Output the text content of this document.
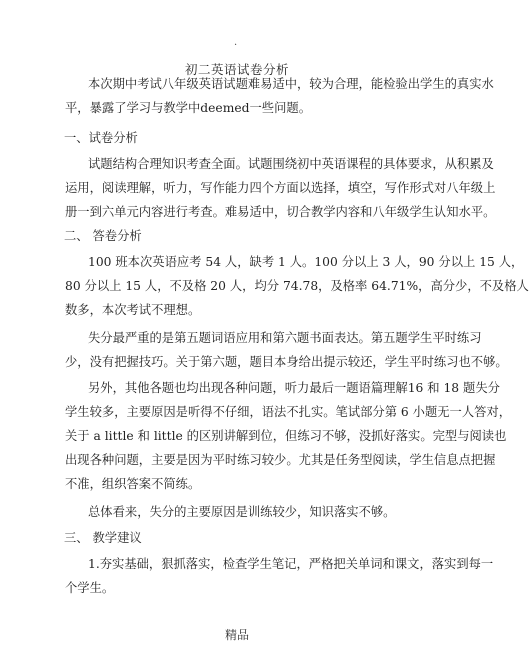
·
初二英语试卷分析
本次期中考试八年级英语试题难易适中，较为合理，能检验出学生的真实水
平，暴露了学习与教学中deemed一些问题。
一、试卷分析
试题结构合理知识考查全面。试题围绕初中英语课程的具体要求，从积累及
运用，阅读理解，听力，写作能力四个方面以选择，填空，写作形式对八年级上
册一到六单元内容进行考查。难易适中，切合教学内容和八年级学生认知水平。
二、 答卷分析
100 班本次英语应考 54 人，缺考 1 人。100 分以上 3 人，90 分以上 15 人，
80 分以上 15 人，不及格 20 人，均分 74.78，及格率 64.71%，高分少，不及格人
数多，本次考试不理想。
失分最严重的是第五题词语应用和第六题书面表达。第五题学生平时练习
少，没有把握技巧。关于第六题，题目本身给出提示较还，学生平时练习也不够。
另外，其他各题也均出现各种问题，听力最后一题语篇理解16 和 18 题失分
学生较多，主要原因是听得不仔细，语法不扎实。笔试部分第 6 小题无一人答对，
关于 a little 和 little 的区别讲解到位，但练习不够，没抓好落实。完型与阅读也
出现各种问题，主要是因为平时练习较少。尤其是任务型阅读，学生信息点把握
不准，组织答案不简练。
总体看来，失分的主要原因是训练较少，知识落实不够。
三、 教学建议
1.夯实基础，狠抓落实，检查学生笔记，严格把关单词和课文，落实到每一
个学生。
精品
